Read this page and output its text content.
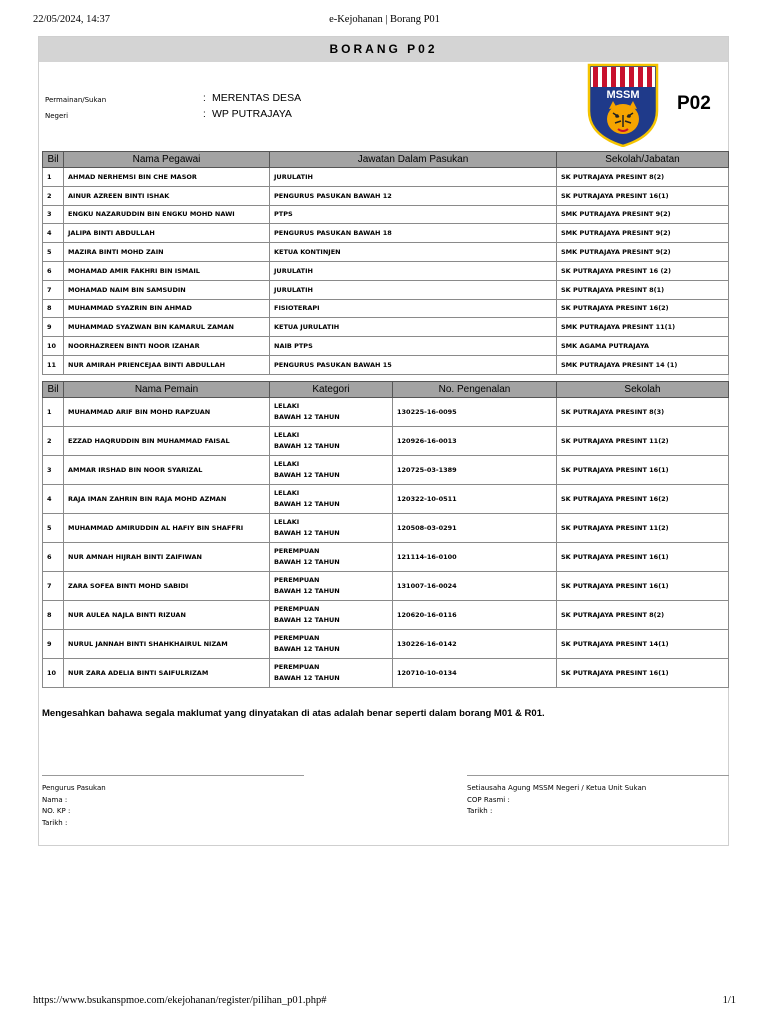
22/05/2024, 14:37	e-Kejohanan | Borang P01
BORANG P02
Permainan/Sukan	: MERENTAS DESA
Negeri	: WP PUTRAJAYA
MSSM P02
Bil	Nama Pegawai	Jawatan Dalam Pasukan	Sekolah/Jabatan
1	AHMAD NERHEMSI BIN CHE MASOR	JURULATIH	SK PUTRAJAYA PRESINT 8(2)
2	AINUR AZREEN BINTI ISHAK	PENGURUS PASUKAN BAWAH 12	SK PUTRAJAYA PRESINT 16(1)
3	ENGKU NAZARUDDIN BIN ENGKU MOHD NAWI	PTPS	SMK PUTRAJAYA PRESINT 9(2)
4	JALIPA BINTI ABDULLAH	PENGURUS PASUKAN BAWAH 18	SMK PUTRAJAYA PRESINT 9(2)
5	MAZIRA BINTI MOHD ZAIN	KETUA KONTINJEN	SMK PUTRAJAYA PRESINT 9(2)
6	MOHAMAD AMIR FAKHRI BIN ISMAIL	JURULATIH	SK PUTRAJAYA PRESINT 16 (2)
7	MOHAMAD NAIM BIN SAMSUDIN	JURULATIH	SK PUTRAJAYA PRESINT 8(1)
8	MUHAMMAD SYAZRIN BIN AHMAD	FISIOTERAPI	SK PUTRAJAYA PRESINT 16(2)
9	MUHAMMAD SYAZWAN BIN KAMARUL ZAMAN	KETUA JURULATIH	SMK PUTRAJAYA PRESINT 11(1)
10	NOORHAZREEN BINTI NOOR IZAHAR	NAIB PTPS	SMK AGAMA PUTRAJAYA
11	NUR AMIRAH PRIENCEJAA BINTI ABDULLAH	PENGURUS PASUKAN BAWAH 15	SMK PUTRAJAYA PRESINT 14 (1)
Bil	Nama Pemain	Kategori	No. Pengenalan	Sekolah
1	MUHAMMAD ARIF BIN MOHD RAPZUAN	LELAKI
BAWAH 12 TAHUN	130225-16-0095	SK PUTRAJAYA PRESINT 8(3)
2	EZZAD HAQRUDDIN BIN MUHAMMAD FAISAL	LELAKI
BAWAH 12 TAHUN	120926-16-0013	SK PUTRAJAYA PRESINT 11(2)
3	AMMAR IRSHAD BIN NOOR SYARIZAL	LELAKI
BAWAH 12 TAHUN	120725-03-1389	SK PUTRAJAYA PRESINT 16(1)
4	RAJA IMAN ZAHRIN BIN RAJA MOHD AZMAN	LELAKI
BAWAH 12 TAHUN	120322-10-0511	SK PUTRAJAYA PRESINT 16(2)
5	MUHAMMAD AMIRUDDIN AL HAFIY BIN SHAFFRI	LELAKI
BAWAH 12 TAHUN	120508-03-0291	SK PUTRAJAYA PRESINT 11(2)
6	NUR AMNAH HIJRAH BINTI ZAIFIWAN	PEREMPUAN
BAWAH 12 TAHUN	121114-16-0100	SK PUTRAJAYA PRESINT 16(1)
7	ZARA SOFEA BINTI MOHD SABIDI	PEREMPUAN
BAWAH 12 TAHUN	131007-16-0024	SK PUTRAJAYA PRESINT 16(1)
8	NUR AULEA NAJLA BINTI RIZUAN	PEREMPUAN
BAWAH 12 TAHUN	120620-16-0116	SK PUTRAJAYA PRESINT 8(2)
9	NURUL JANNAH BINTI SHAHKHAIRUL NIZAM	PEREMPUAN
BAWAH 12 TAHUN	130226-16-0142	SK PUTRAJAYA PRESINT 14(1)
10	NUR ZARA ADELIA BINTI SAIFULRIZAM	PEREMPUAN
BAWAH 12 TAHUN	120710-10-0134	SK PUTRAJAYA PRESINT 16(1)
Mengesahkan bahawa segala maklumat yang dinyatakan di atas adalah benar seperti dalam borang M01 & R01.
Pengurus Pasukan
Nama :
NO. KP :
Tarikh :
Setiausaha Agung MSSM Negeri / Ketua Unit Sukan
COP Rasmi :
Tarikh :
https://www.bsukanspmoe.com/ekejohanan/register/pilihan_p01.php#	1/1
